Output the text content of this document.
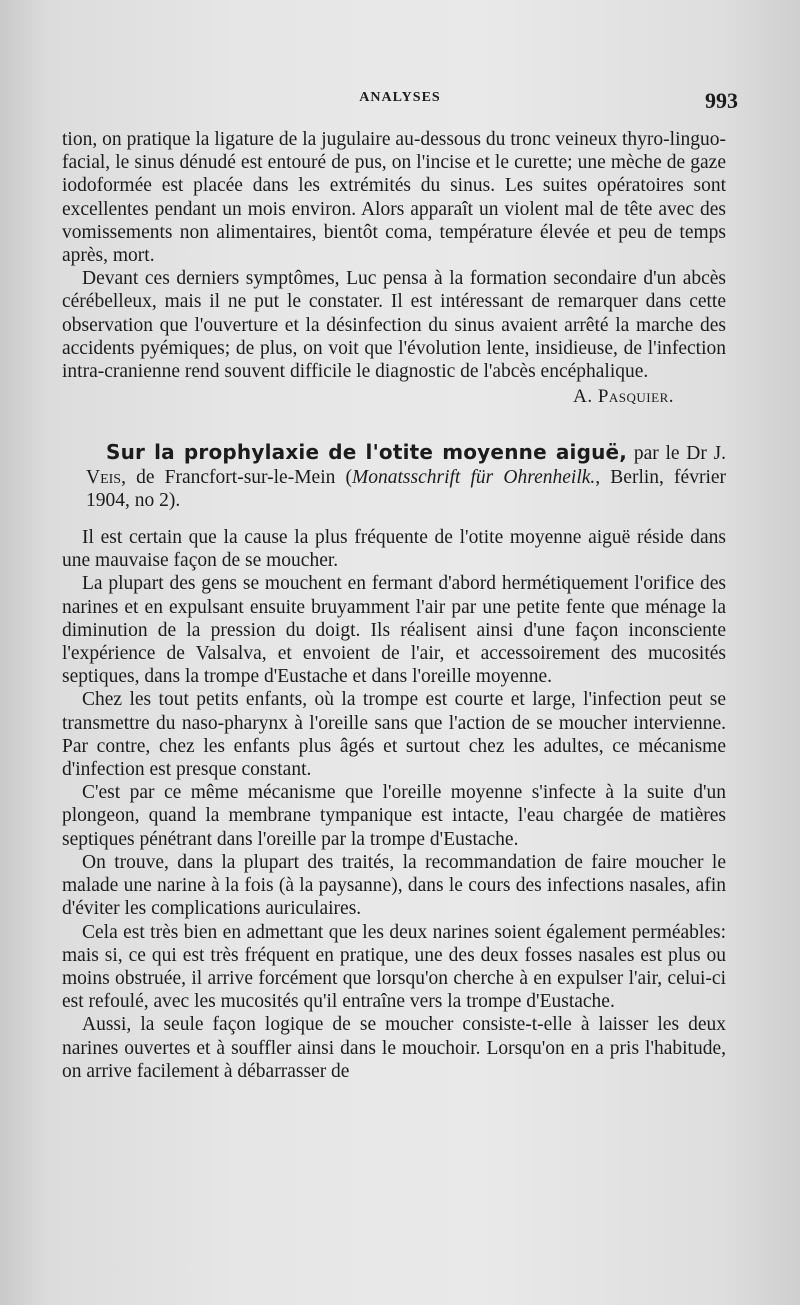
ANALYSES	993

tion, on pratique la ligature de la jugulaire au-dessous du tronc veineux thyro-linguo-facial, le sinus dénudé est entouré de pus, on l'incise et le curette; une mèche de gaze iodoformée est placée dans les extrémités du sinus. Les suites opératoires sont excellentes pendant un mois environ. Alors apparaît un violent mal de tête avec des vomissements non alimentaires, bientôt coma, température élevée et peu de temps après, mort.

Devant ces derniers symptômes, Luc pensa à la formation secondaire d'un abcès cérébelleux, mais il ne put le constater. Il est intéressant de remarquer dans cette observation que l'ouverture et la désinfection du sinus avaient arrêté la marche des accidents pyémiques; de plus, on voit que l'évolution lente, insidieuse, de l'infection intra-cranienne rend souvent difficile le diagnostic de l'abcès encéphalique.

A. Pasquier.

Sur la prophylaxie de l'otite moyenne aiguë, par le Dr J. Veis, de Francfort-sur-le-Mein (Monatsschrift für Ohrenheilk., Berlin, février 1904, no 2).

Il est certain que la cause la plus fréquente de l'otite moyenne aiguë réside dans une mauvaise façon de se moucher.

La plupart des gens se mouchent en fermant d'abord hermétiquement l'orifice des narines et en expulsant ensuite bruyamment l'air par une petite fente que ménage la diminution de la pression du doigt. Ils réalisent ainsi d'une façon inconsciente l'expérience de Valsalva, et envoient de l'air, et accessoirement des mucosités septiques, dans la trompe d'Eustache et dans l'oreille moyenne.

Chez les tout petits enfants, où la trompe est courte et large, l'infection peut se transmettre du naso-pharynx à l'oreille sans que l'action de se moucher intervienne. Par contre, chez les enfants plus âgés et surtout chez les adultes, ce mécanisme d'infection est presque constant.

C'est par ce même mécanisme que l'oreille moyenne s'infecte à la suite d'un plongeon, quand la membrane tympanique est intacte, l'eau chargée de matières septiques pénétrant dans l'oreille par la trompe d'Eustache.

On trouve, dans la plupart des traités, la recommandation de faire moucher le malade une narine à la fois (à la paysanne), dans le cours des infections nasales, afin d'éviter les complications auriculaires.

Cela est très bien en admettant que les deux narines soient également perméables: mais si, ce qui est très fréquent en pratique, une des deux fosses nasales est plus ou moins obstruée, il arrive forcément que lorsqu'on cherche à en expulser l'air, celui-ci est refoulé, avec les mucosités qu'il entraîne vers la trompe d'Eustache.

Aussi, la seule façon logique de se moucher consiste-t-elle à laisser les deux narines ouvertes et à souffler ainsi dans le mouchoir. Lorsqu'on en a pris l'habitude, on arrive facilement à débarrasser de
